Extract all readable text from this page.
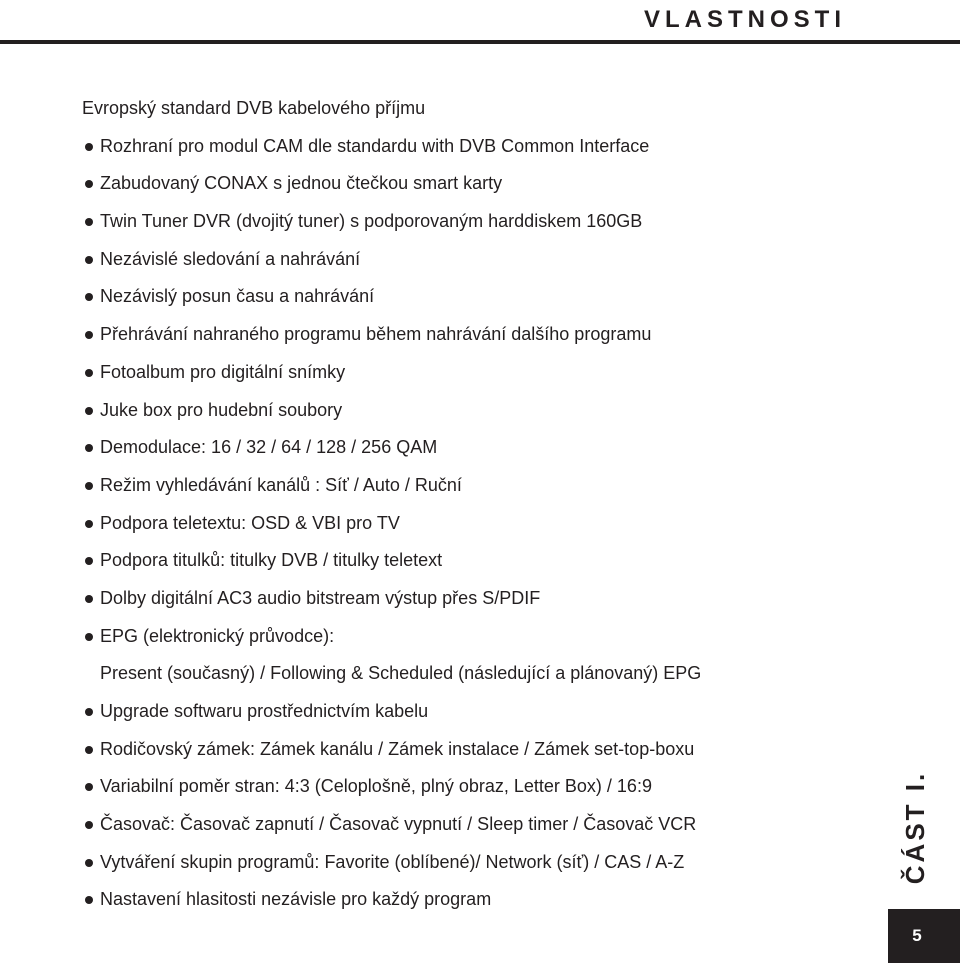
VLASTNOSTI
Evropský standard DVB kabelového příjmu
Rozhraní pro modul CAM dle standardu with DVB Common Interface
Zabudovaný CONAX s jednou čtečkou smart karty
Twin Tuner DVR (dvojitý tuner) s podporovaným harddiskem 160GB
Nezávislé sledování a nahrávání
Nezávislý posun času a nahrávání
Přehrávání nahraného programu během nahrávání dalšího programu
Fotoalbum pro digitální snímky
Juke box pro hudební soubory
Demodulace: 16 / 32 / 64 / 128 / 256 QAM
Režim vyhledávání kanálů : Síť / Auto / Ruční
Podpora teletextu: OSD & VBI pro TV
Podpora titulků: titulky DVB / titulky teletext
Dolby digitální AC3 audio bitstream výstup přes S/PDIF
EPG (elektronický průvodce):
Present (současný) / Following & Scheduled (následující a plánovaný) EPG
Upgrade softwaru prostřednictvím kabelu
Rodičovský zámek: Zámek kanálu / Zámek instalace / Zámek set-top-boxu
Variabilní poměr stran: 4:3 (Celoplošně, plný obraz, Letter Box) / 16:9
Časovač: Časovač zapnutí / Časovač vypnutí / Sleep timer / Časovač VCR
Vytváření skupin programů: Favorite (oblíbené)/ Network (síť) / CAS / A-Z
Nastavení hlasitosti nezávisle pro každý program
ČÁST I.
5
